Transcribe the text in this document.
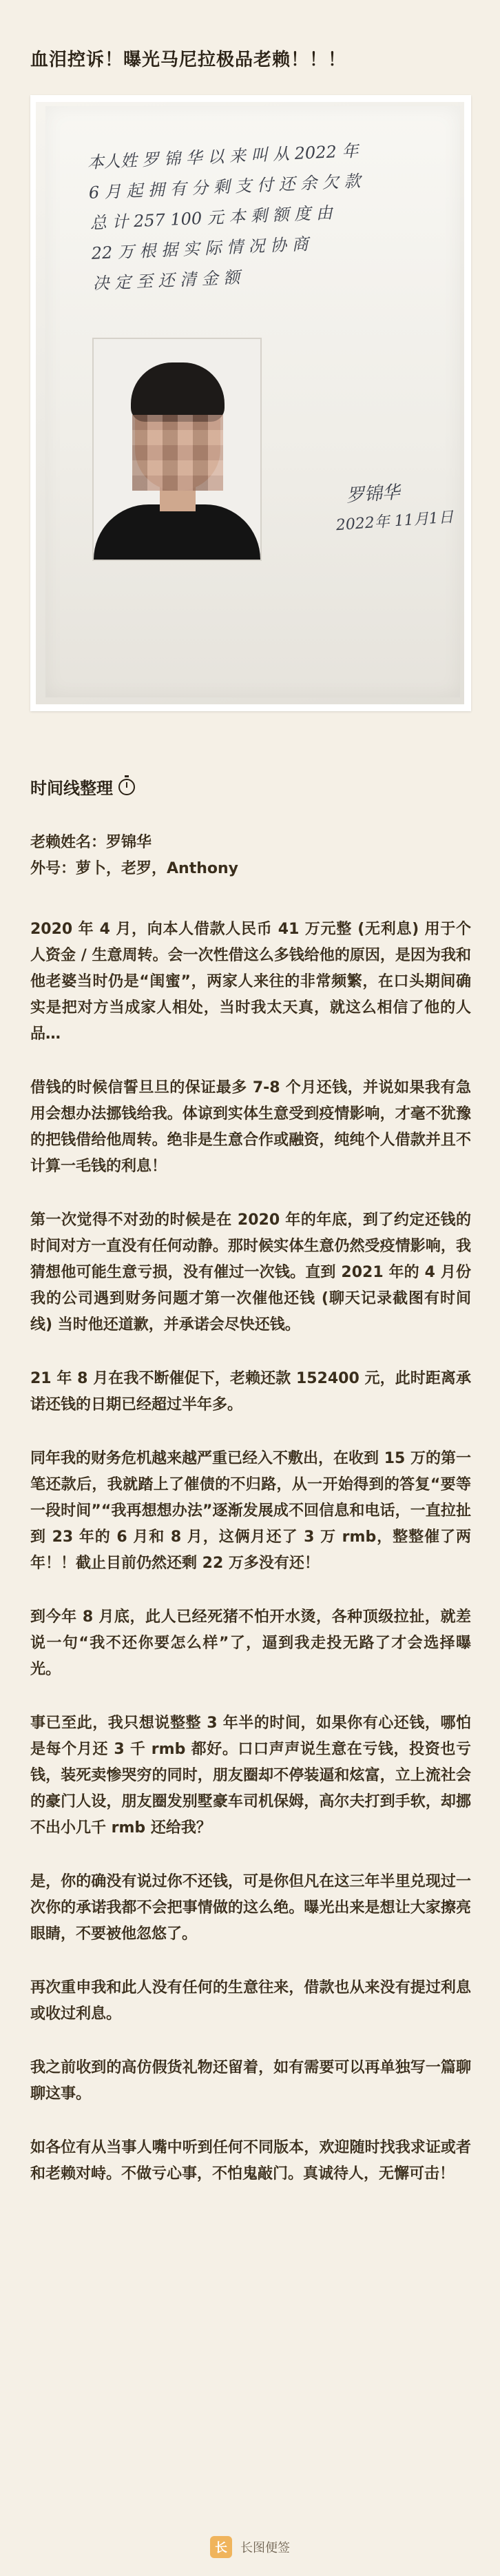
血泪控诉！曝光马尼拉极品老赖！！！

本人姓 罗 锦 华 以 来 叫 从 2022 年
6 月 起 拥 有 分 剩 支 付 还 余 欠 款
总 计 257 100 元 本 剩 额 度 由
22 万 根 据 实 际 情 况 协 商
决 定 至 还 清 金 额

罗锦华
2022年 11月1日
时间线整理
老赖姓名：罗锦华
外号：萝卜，老罗，Anthony

2020 年 4 月，向本人借款人民币 41 万元整 (无利息) 用于个人资金 / 生意周转。会一次性借这么多钱给他的原因，是因为我和他老婆当时仍是“闺蜜”，两家人来往的非常频繁，在口头期间确实是把对方当成家人相处，当时我太天真，就这么相信了他的人品…

借钱的时候信誓旦旦的保证最多 7-8 个月还钱，并说如果我有急用会想办法挪钱给我。体谅到实体生意受到疫情影响，才毫不犹豫的把钱借给他周转。绝非是生意合作或融资，纯纯个人借款并且不计算一毛钱的利息！

第一次觉得不对劲的时候是在 2020 年的年底，到了约定还钱的时间对方一直没有任何动静。那时候实体生意仍然受疫情影响，我猜想他可能生意亏损，没有催过一次钱。直到 2021 年的 4 月份我的公司遇到财务问题才第一次催他还钱 (聊天记录截图有时间线) 当时他还道歉，并承诺会尽快还钱。

21 年 8 月在我不断催促下，老赖还款 152400 元，此时距离承诺还钱的日期已经超过半年多。

同年我的财务危机越来越严重已经入不敷出，在收到 15 万的第一笔还款后，我就踏上了催债的不归路，从一开始得到的答复“要等一段时间”“我再想想办法”逐渐发展成不回信息和电话，一直拉扯到 23 年的 6 月和 8 月，这俩月还了 3 万 rmb，整整催了两年！！截止目前仍然还剩 22 万多没有还！

到今年 8 月底，此人已经死猪不怕开水烫，各种顶级拉扯，就差说一句“我不还你要怎么样”了，逼到我走投无路了才会选择曝光。

事已至此，我只想说整整 3 年半的时间，如果你有心还钱，哪怕是每个月还 3 千 rmb 都好。口口声声说生意在亏钱，投资也亏钱，装死卖惨哭穷的同时，朋友圈却不停装逼和炫富，立上流社会的豪门人设，朋友圈发别墅豪车司机保姆，高尔夫打到手软，却挪不出小几千 rmb 还给我？

是，你的确没有说过你不还钱，可是你但凡在这三年半里兑现过一次你的承诺我都不会把事情做的这么绝。曝光出来是想让大家擦亮眼睛，不要被他忽悠了。

再次重申我和此人没有任何的生意往来，借款也从来没有提过利息或收过利息。

我之前收到的高仿假货礼物还留着，如有需要可以再单独写一篇聊聊这事。

如各位有从当事人嘴中听到任何不同版本，欢迎随时找我求证或者和老赖对峙。不做亏心事，不怕鬼敲门。真诚待人，无懈可击！

长	长图便签
